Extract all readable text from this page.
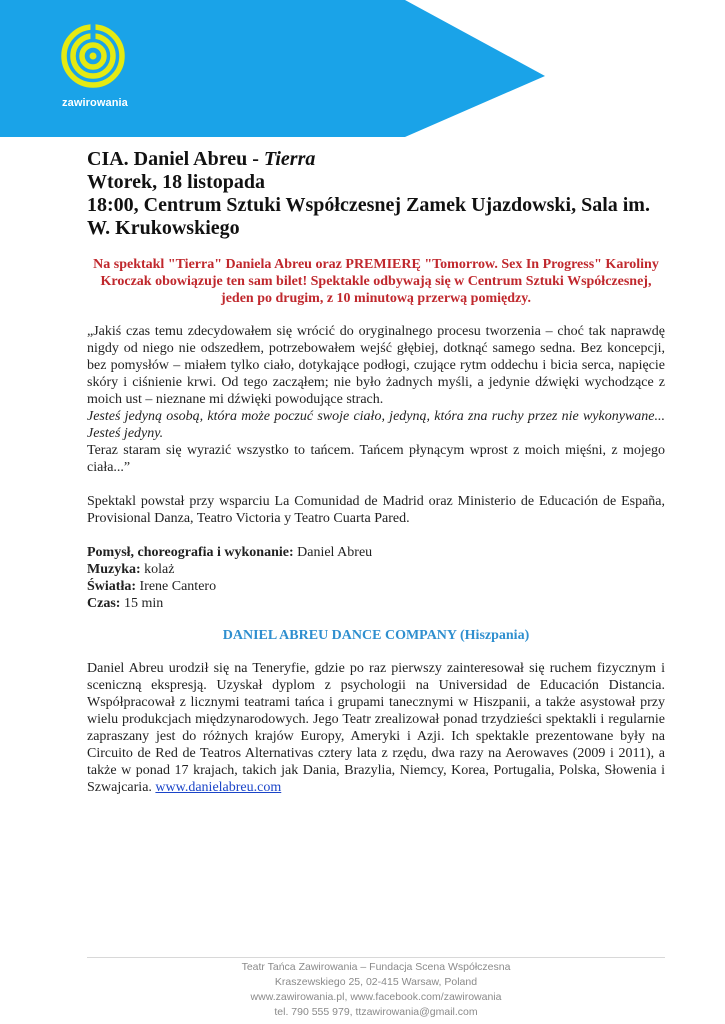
zawirowania
CIA. Daniel Abreu - Tierra
Wtorek, 18 listopada
18:00, Centrum Sztuki Współczesnej Zamek Ujazdowski, Sala im.
W. Krukowskiego
Na spektakl "Tierra" Daniela Abreu oraz PREMIERĘ "Tomorrow. Sex In Progress" Karoliny Kroczak obowiązuje ten sam bilet! Spektakle odbywają się w Centrum Sztuki Współczesnej, jeden po drugim, z 10 minutową przerwą pomiędzy.

„Jakiś czas temu zdecydowałem się wrócić do oryginalnego procesu tworzenia – choć tak naprawdę nigdy od niego nie odszedłem, potrzebowałem wejść głębiej, dotknąć samego sedna. Bez koncepcji, bez pomysłów – miałem tylko ciało, dotykające podłogi, czujące rytm oddechu i bicia serca, napięcie skóry i ciśnienie krwi. Od tego zacząłem; nie było żadnych myśli, a jedynie dźwięki wychodzące z moich ust – nieznane mi dźwięki powodujące strach.

Jesteś jedyną osobą, która może poczuć swoje ciało, jedyną, która zna ruchy przez nie wykonywane... Jesteś jedyny.

Teraz staram się wyrazić wszystko to tańcem. Tańcem płynącym wprost z moich mięśni, z mojego ciała...”

Spektakl powstał przy wsparciu La Comunidad de Madrid oraz Ministerio de Educación de España, Provisional Danza, Teatro Victoria y Teatro Cuarta Pared.

Pomysł, choreografia i wykonanie: Daniel Abreu
Muzyka: kolaż
Światła: Irene Cantero
Czas: 15 min
DANIEL ABREU DANCE COMPANY (Hiszpania)

Daniel Abreu urodził się na Teneryfie, gdzie po raz pierwszy zainteresował się ruchem fizycznym i sceniczną ekspresją. Uzyskał dyplom z psychologii na Universidad de Educación Distancia. Współpracował z licznymi teatrami tańca i grupami tanecznymi w Hiszpanii, a także asystował przy wielu produkcjach międzynarodowych. Jego Teatr zrealizował ponad trzydzieści spektakli i regularnie zapraszany jest do różnych krajów Europy, Ameryki i Azji. Ich spektakle prezentowane były na Circuito de Red de Teatros Alternativas cztery lata z rzędu, dwa razy na Aerowaves (2009 i 2011), a także w ponad 17 krajach, takich jak Dania, Brazylia, Niemcy, Korea, Portugalia, Polska, Słowenia i Szwajcaria. www.danielabreu.com

Teatr Tańca Zawirowania – Fundacja Scena Współczesna
Kraszewskiego 25, 02-415 Warsaw, Poland
www.zawirowania.pl, www.facebook.com/zawirowania
tel. 790 555 979, ttzawirowania@gmail.com
